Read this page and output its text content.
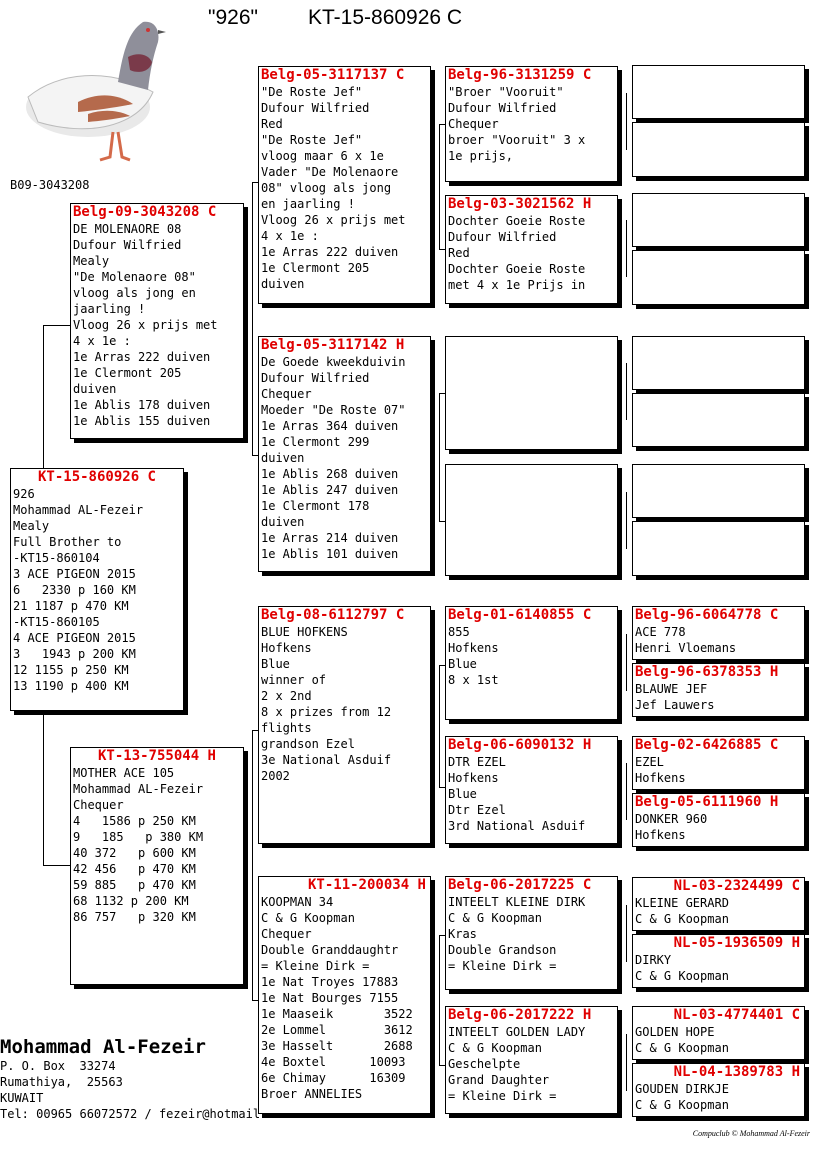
"926" KT-15-860926 C
B09-3043208
KT-15-860926 C
926
Mohammad AL-Fezeir
Mealy
Full Brother to
-KT15-860104
3 ACE PIGEON 2015
6   2330 p 160 KM
21 1187 p 470 KM
-KT15-860105
4 ACE PIGEON 2015
3   1943 p 200 KM
12 1155 p 250 KM
13 1190 p 400 KM
Belg-09-3043208 C
DE MOLENAORE 08
Dufour Wilfried
Mealy
"De Molenaore 08"
vloog als jong en
jaarling !
Vloog 26 x prijs met
4 x 1e :
1e Arras 222 duiven
1e Clermont 205
duiven
1e Ablis 178 duiven
1e Ablis 155 duiven
KT-13-755044 H
MOTHER ACE 105
Mohammad AL-Fezeir
Chequer
4   1586 p 250 KM
9   185   p 380 KM
40 372   p 600 KM
42 456   p 470 KM
59 885   p 470 KM
68 1132 p 200 KM
86 757   p 320 KM
Belg-05-3117137 C
"De Roste Jef"
Dufour Wilfried
Red
"De Roste Jef"
vloog maar 6 x 1e
Vader "De Molenaore
08" vloog als jong
en jaarling !
Vloog 26 x prijs met
4 x 1e :
1e Arras 222 duiven
1e Clermont 205
duiven
Belg-05-3117142 H
De Goede kweekduivin
Dufour Wilfried
Chequer
Moeder "De Roste 07"
1e Arras 364 duiven
1e Clermont 299
duiven
1e Ablis 268 duiven
1e Ablis 247 duiven
1e Clermont 178
duiven
1e Arras 214 duiven
1e Ablis 101 duiven
Belg-08-6112797 C
BLUE HOFKENS
Hofkens
Blue
winner of
2 x 2nd
8 x prizes from 12
flights
grandson Ezel
3e National Asduif
2002
KT-11-200034 H
KOOPMAN 34
C & G Koopman
Chequer
Double Granddaughtr
= Kleine Dirk =
1e Nat Troyes 17883
1e Nat Bourges 7155
1e Maaseik       3522
2e Lommel        3612
3e Hasselt       2688
4e Boxtel      10093
6e Chimay      16309
Broer ANNELIES
Belg-96-3131259 C
"Broer "Vooruit"
Dufour Wilfried
Chequer
broer "Vooruit" 3 x
1e prijs,
Belg-03-3021562 H
Dochter Goeie Roste
Dufour Wilfried
Red
Dochter Goeie Roste
met 4 x 1e Prijs in
Belg-01-6140855 C
855
Hofkens
Blue
8 x 1st
Belg-06-6090132 H
DTR EZEL
Hofkens
Blue
Dtr Ezel
3rd National Asduif
Belg-06-2017225 C
INTEELT KLEINE DIRK
C & G Koopman
Kras
Double Grandson
= Kleine Dirk =
Belg-06-2017222 H
INTEELT GOLDEN LADY
C & G Koopman
Geschelpte
Grand Daughter
= Kleine Dirk =
Belg-96-6064778 C
ACE 778
Henri Vloemans
Belg-96-6378353 H
BLAUWE JEF
Jef Lauwers
Belg-02-6426885 C
EZEL
Hofkens
Belg-05-6111960 H
DONKER 960
Hofkens
NL-03-2324499 C
KLEINE GERARD
C & G Koopman
NL-05-1936509 H
DIRKY
C & G Koopman
NL-03-4774401 C
GOLDEN HOPE
C & G Koopman
NL-04-1389783 H
GOUDEN DIRKJE
C & G Koopman
Mohammad Al-Fezeir
P. O. Box  33274
Rumathiya,  25563
KUWAIT
Tel: 00965 66072572 / fezeir@hotmail.
Compuclub © Mohammad Al-Fezeir
